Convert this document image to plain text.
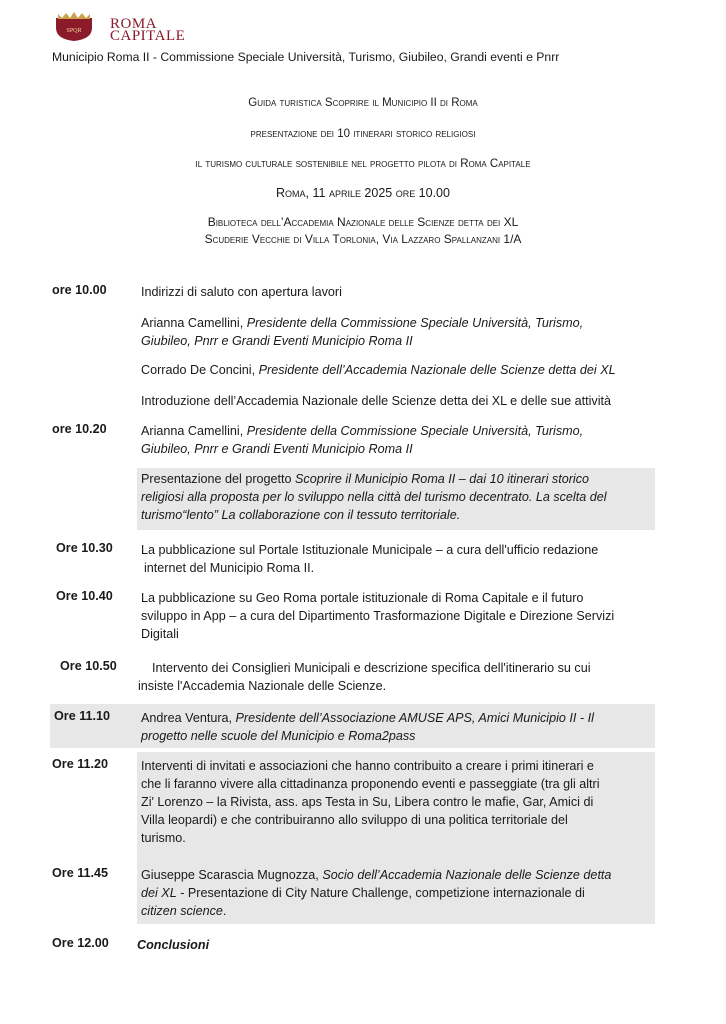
SPQR ROMA
CAPITALE
Municipio Roma II - Commissione Speciale Università, Turismo, Giubileo, Grandi eventi e Pnrr
Guida turistica Scoprire il Municipio II di Roma
presentazione dei 10 itinerari storico religiosi
il turismo culturale sostenibile nel progetto pilota di Roma Capitale
Roma, 11 aprile 2025 ore 10.00
Biblioteca dell’Accademia Nazionale delle Scienze detta dei XL
Scuderie Vecchie di Villa Torlonia, Via Lazzaro Spallanzani 1/A
ore 10.00	Indirizzi di saluto con apertura lavori
Arianna Camellini, Presidente della Commissione Speciale Università, Turismo,
Giubileo, Pnrr e Grandi Eventi Municipio Roma II
Corrado De Concini, Presidente dell’Accademia Nazionale delle Scienze detta dei XL
Introduzione dell’Accademia Nazionale delle Scienze detta dei XL e delle sue attività
ore 10.20	Arianna Camellini, Presidente della Commissione Speciale Università, Turismo,
Giubileo, Pnrr e Grandi Eventi Municipio Roma II
Presentazione del progetto Scoprire il Municipio Roma II – dai 10 itinerari storico
religiosi alla proposta per lo sviluppo nella città del turismo decentrato. La scelta del
turismo“lento” La collaborazione con il tessuto territoriale.
Ore 10.30 La pubblicazione sul Portale Istituzionale Municipale – a cura dell'ufficio redazione
internet del Municipio Roma II.
Ore 10.40 La pubblicazione su Geo Roma portale istituzionale di Roma Capitale e il futuro
sviluppo in App – a cura del Dipartimento Trasformazione Digitale e Direzione Servizi
Digitali
Ore 10.50	Intervento dei Consiglieri Municipali e descrizione specifica dell'itinerario su cui
insiste l'Accademia Nazionale delle Scienze.
Ore 11.10 Andrea Ventura, Presidente dell’Associazione AMUSE APS, Amici Municipio II - Il
progetto nelle scuole del Municipio e Roma2pass
Ore 11.20	Interventi di invitati e associazioni che hanno contribuito a creare i primi itinerari e
che li faranno vivere alla cittadinanza proponendo eventi e passeggiate (tra gli altri
Zi' Lorenzo – la Rivista, ass. aps Testa in Su, Libera contro le mafie, Gar, Amici di
Villa leopardi) e che contribuiranno allo sviluppo di una politica territoriale del
turismo.
Ore 11.45	Giuseppe Scarascia Mugnozza, Socio dell’Accademia Nazionale delle Scienze detta
dei XL - Presentazione di City Nature Challenge, competizione internazionale di
citizen science.
Ore 12.00 Conclusioni
